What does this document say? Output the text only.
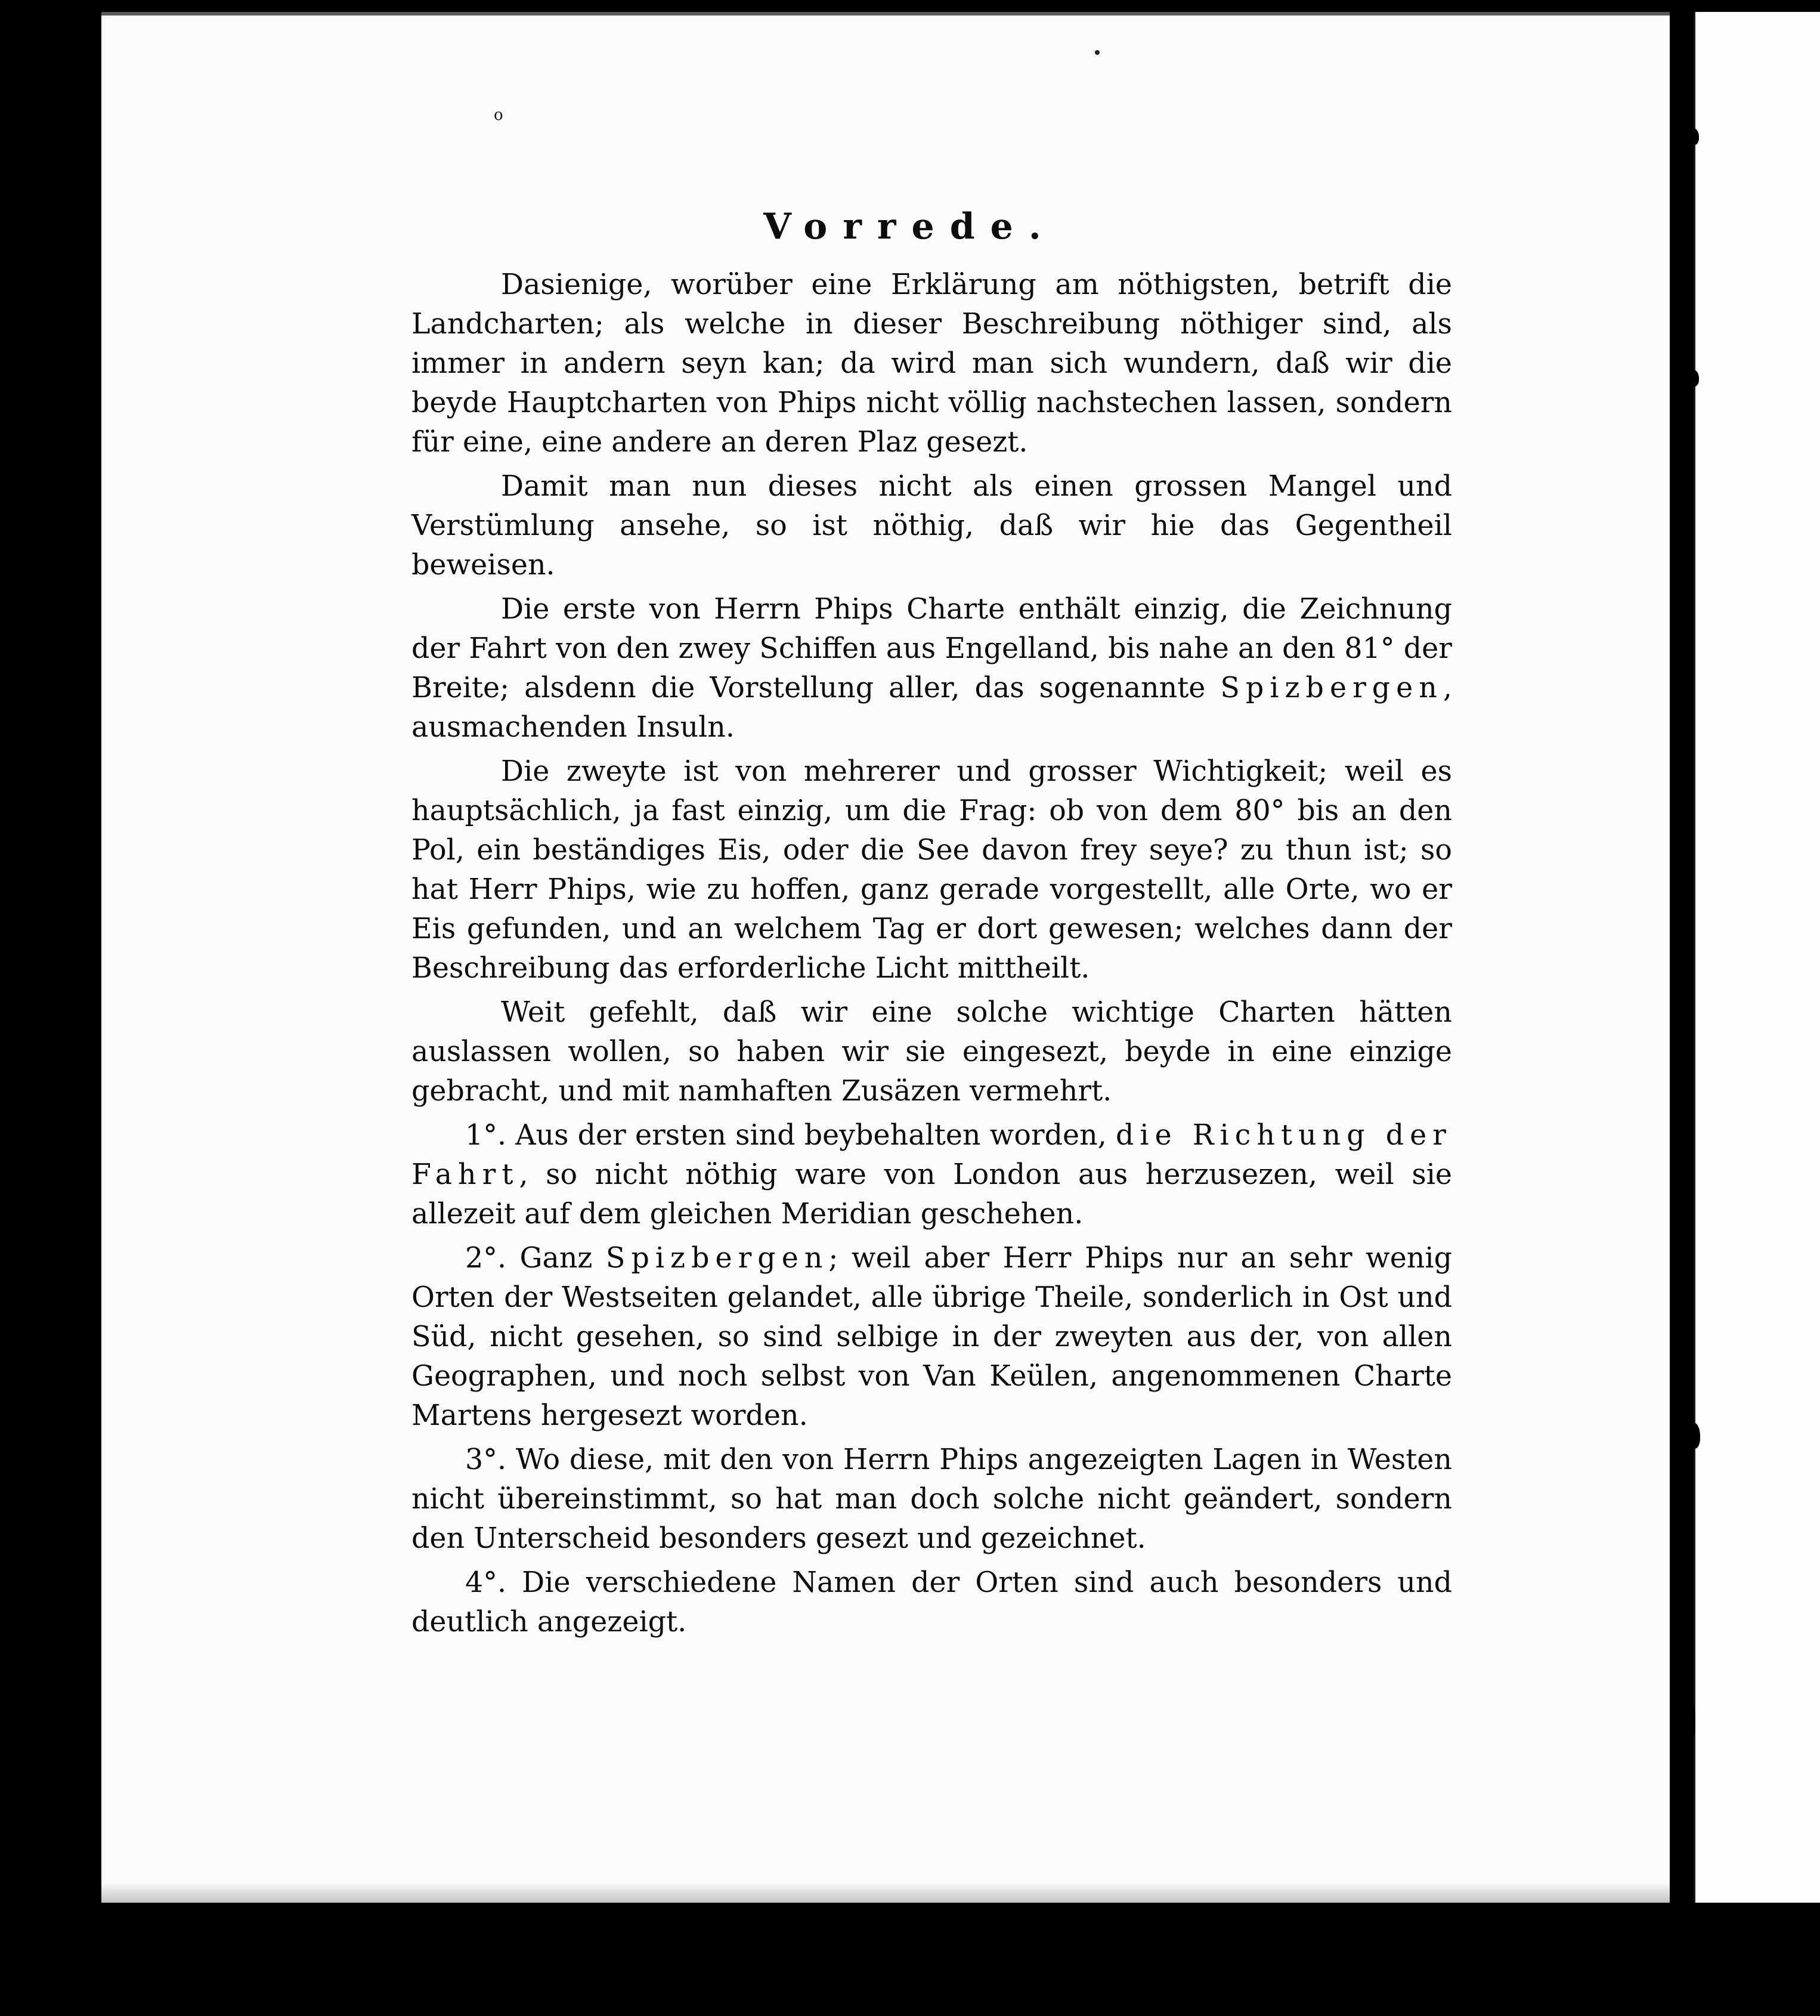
o
Vorrede.

Dasienige, worüber eine Erklärung am nöthigsten, betrift die Landcharten; als welche in dieser Beschreibung nöthiger sind, als immer in andern seyn kan; da wird man sich wundern, daß wir die beyde Hauptcharten von Phips nicht völlig nachstechen lassen, sondern für eine, eine andere an deren Plaz gesezt.

Damit man nun dieses nicht als einen grossen Mangel und Verstümlung ansehe, so ist nöthig, daß wir hie das Gegentheil beweisen.

Die erste von Herrn Phips Charte enthält einzig, die Zeichnung der Fahrt von den zwey Schiffen aus Engelland, bis nahe an den 81° der Breite; alsdenn die Vorstellung aller, das sogenannte Spizbergen, ausmachenden Insuln.

Die zweyte ist von mehrerer und grosser Wichtigkeit; weil es hauptsächlich, ja fast einzig, um die Frag: ob von dem 80° bis an den Pol, ein beständiges Eis, oder die See davon frey seye? zu thun ist; so hat Herr Phips, wie zu hoffen, ganz gerade vorgestellt, alle Orte, wo er Eis gefunden, und an welchem Tag er dort gewesen; welches dann der Beschreibung das erforderliche Licht mittheilt.

Weit gefehlt, daß wir eine solche wichtige Charten hätten auslassen wollen, so haben wir sie eingesezt, beyde in eine einzige gebracht, und mit namhaften Zusäzen vermehrt.

1°. Aus der ersten sind beybehalten worden, die Richtung der Fahrt, so nicht nöthig ware von London aus herzusezen, weil sie allezeit auf dem gleichen Meridian geschehen.

2°. Ganz Spizbergen; weil aber Herr Phips nur an sehr wenig Orten der Westseiten gelandet, alle übrige Theile, sonderlich in Ost und Süd, nicht gesehen, so sind selbige in der zweyten aus der, von allen Geographen, und noch selbst von Van Keülen, angenommenen Charte Martens hergesezt worden.

3°. Wo diese, mit den von Herrn Phips angezeigten Lagen in Westen nicht übereinstimmt, so hat man doch solche nicht geändert, sondern den Unterscheid besonders gesezt und gezeichnet.

4°. Die verschiedene Namen der Orten sind auch besonders und deutlich angezeigt.
